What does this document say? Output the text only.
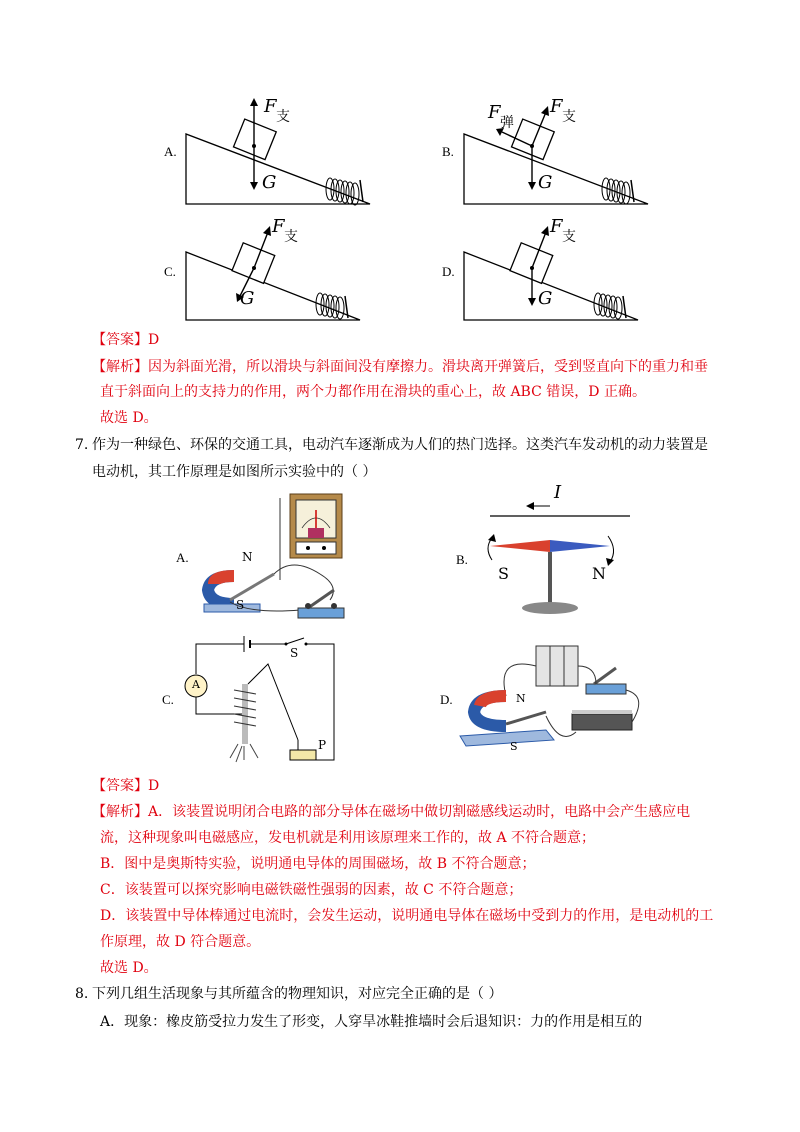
A.
F 支
G
B.
F 弹
F 支
G
C.
F 支
G
D.
F 支
G
【答案】D
【解析】因为斜面光滑，所以滑块与斜面间没有摩擦力。滑块离开弹簧后，受到竖直向下的重力和垂
直于斜面向上的支持力的作用，两个力都作用在滑块的重心上，故 ABC 错误，D 正确。
故选 D。
7. 作为一种绿色、环保的交通工具，电动汽车逐渐成为人们的热门选择。这类汽车发动机的动力装置是
电动机，其工作原理是如图所示实验中的（ ）
A.	N
S
B.
I
S	N
C.
A
S
P
D.	N
S
【答案】D
【解析】A．该装置说明闭合电路的部分导体在磁场中做切割磁感线运动时，电路中会产生感应电
流，这种现象叫电磁感应，发电机就是利用该原理来工作的，故 A 不符合题意；
B．图中是奥斯特实验，说明通电导体的周围磁场，故 B 不符合题意；
C．该装置可以探究影响电磁铁磁性强弱的因素，故 C 不符合题意；
D．该装置中导体棒通过电流时，会发生运动，说明通电导体在磁场中受到力的作用，是电动机的工
作原理，故 D 符合题意。
故选 D。
8. 下列几组生活现象与其所蕴含的物理知识，对应完全正确的是（ ）
A．现象：橡皮筋受拉力发生了形变，人穿旱冰鞋推墙时会后退知识：力的作用是相互的
